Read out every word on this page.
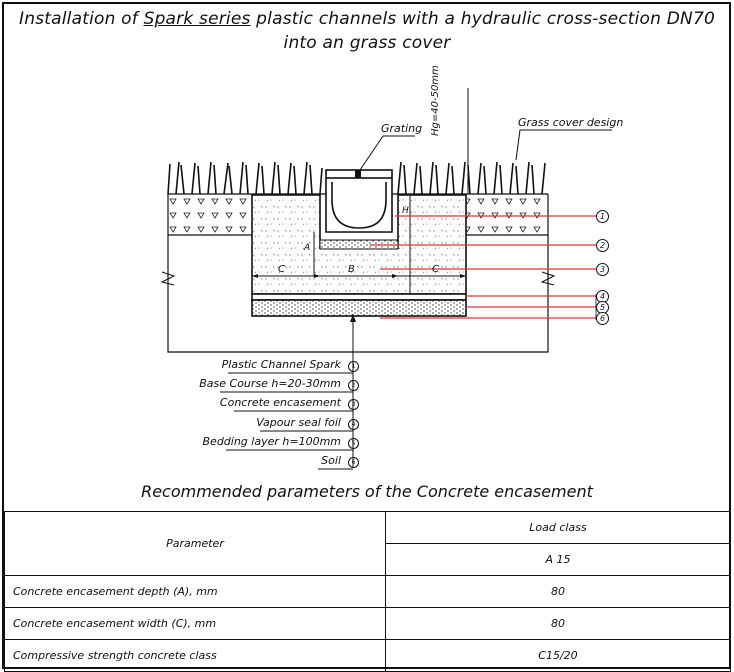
Installation of Spark series plastic channels with a hydraulic cross-section DN70
into an grass cover
Grating	Grass cover design
Hg=40-50mm
H
A
B
C	C
1
2
3
4
5
6
Plastic Channel Spark	1
Base Course h=20-30mm	2
Concrete encasement	3
Vapour seal foil	4
Bedding layer h=100mm	5
Soil	6
Recommended parameters of the Concrete encasement
Parameter	Load class
	A 15
Concrete encasement depth (A), mm	80
Concrete encasement width (C), mm	80
Compressive strength concrete class	C15/20
